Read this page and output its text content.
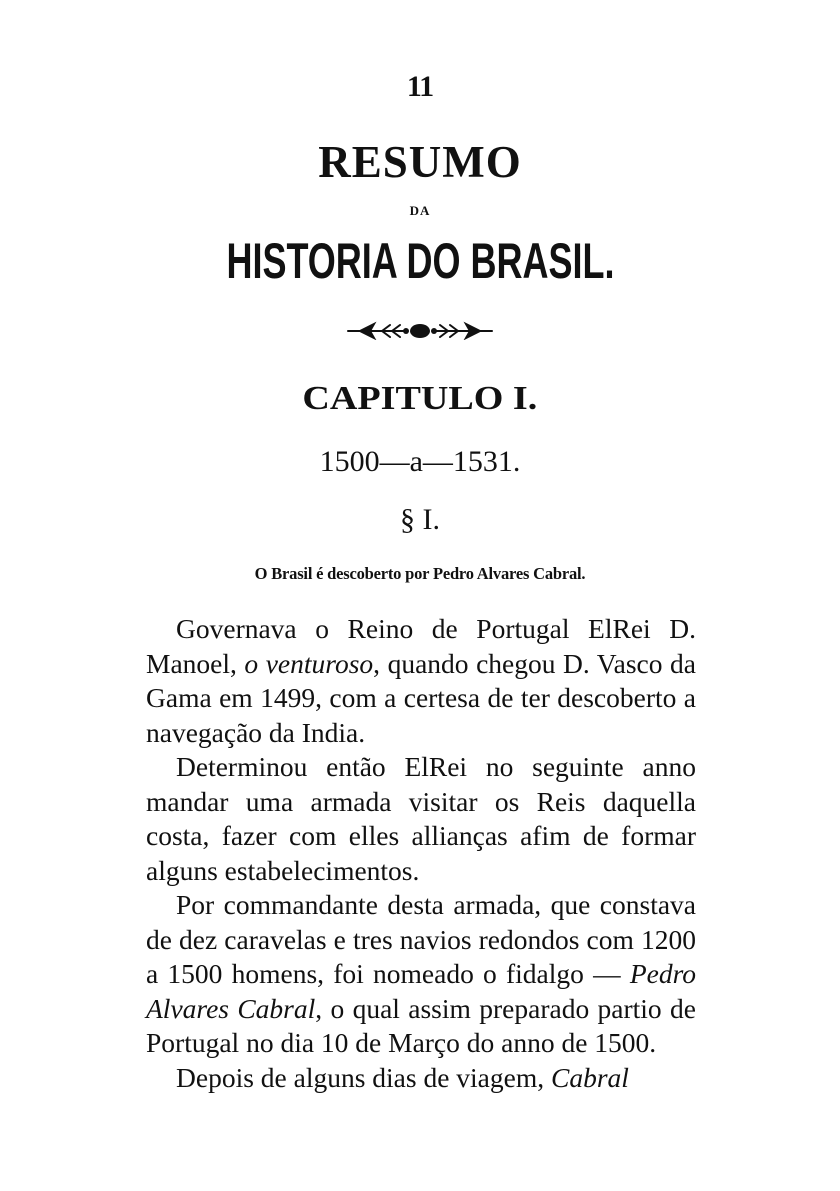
11
RESUMO
DA
HISTORIA DO BRASIL.
CAPITULO I.
1500—a—1531.
§ I.
O Brasil é descoberto por Pedro Alvares Cabral.

Governava o Reino de Portugal ElRei D. Manoel, o venturoso, quando chegou D. Vasco da Gama em 1499, com a certesa de ter descoberto a navegação da India.

Determinou então ElRei no seguinte anno mandar uma armada visitar os Reis daquella costa, fazer com elles allianças afim de formar alguns estabelecimentos.

Por commandante desta armada, que constava de dez caravelas e tres navios redondos com 1200 a 1500 homens, foi nomeado o fidalgo — Pedro Alvares Cabral, o qual assim preparado partio de Portugal no dia 10 de Março do anno de 1500.

Depois de alguns dias de viagem, Cabral
